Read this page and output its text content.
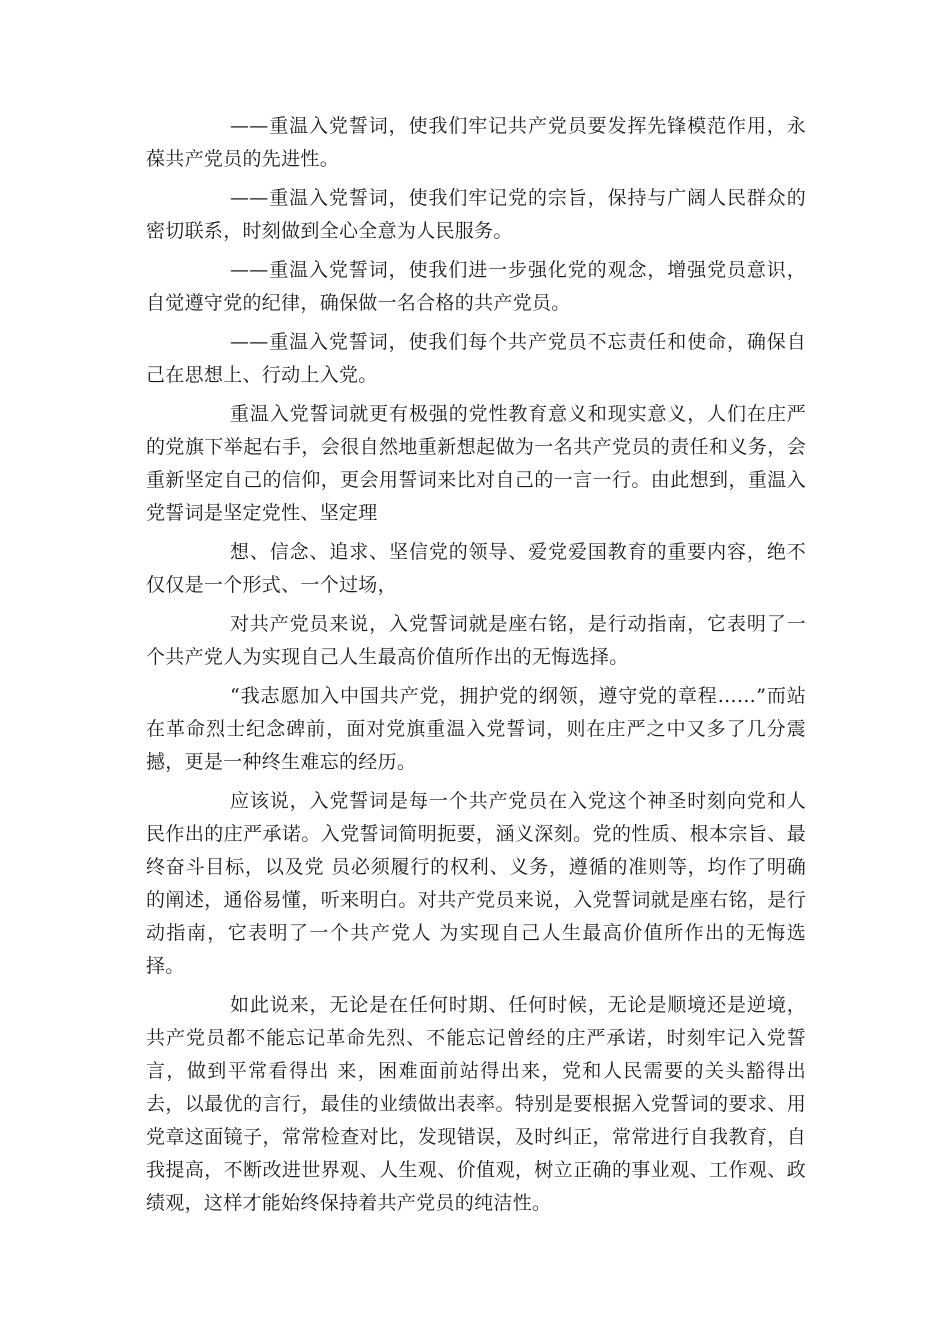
——重温入党誓词，使我们牢记共产党员要发挥先锋模范作用，永葆共产党员的先进性。

——重温入党誓词，使我们牢记党的宗旨，保持与广阔人民群众的密切联系，时刻做到全心全意为人民服务。

——重温入党誓词，使我们进一步强化党的观念，增强党员意识，自觉遵守党的纪律，确保做一名合格的共产党员。

——重温入党誓词，使我们每个共产党员不忘责任和使命，确保自己在思想上、行动上入党。

重温入党誓词就更有极强的党性教育意义和现实意义，人们在庄严的党旗下举起右手，会很自然地重新想起做为一名共产党员的责任和义务，会重新坚定自己的信仰，更会用誓词来比对自己的一言一行。由此想到，重温入党誓词是坚定党性、坚定理

想、信念、追求、坚信党的领导、爱党爱国教育的重要内容，绝不仅仅是一个形式、一个过场，

对共产党员来说，入党誓词就是座右铭，是行动指南，它表明了一个共产党人为实现自己人生最高价值所作出的无悔选择。

“我志愿加入中国共产党，拥护党的纲领，遵守党的章程……”而站在革命烈士纪念碑前，面对党旗重温入党誓词，则在庄严之中又多了几分震撼，更是一种终生难忘的经历。

应该说，入党誓词是每一个共产党员在入党这个神圣时刻向党和人民作出的庄严承诺。入党誓词简明扼要，涵义深刻。党的性质、根本宗旨、最终奋斗目标，以及党 员必须履行的权利、义务，遵循的准则等，均作了明确的阐述，通俗易懂，听来明白。对共产党员来说，入党誓词就是座右铭，是行动指南，它表明了一个共产党人 为实现自己人生最高价值所作出的无悔选择。

如此说来，无论是在任何时期、任何时候，无论是顺境还是逆境，共产党员都不能忘记革命先烈、不能忘记曾经的庄严承诺，时刻牢记入党誓言，做到平常看得出 来，困难面前站得出来，党和人民需要的关头豁得出去，以最优的言行，最佳的业绩做出表率。特别是要根据入党誓词的要求、用党章这面镜子，常常检查对比，发现错误，及时纠正，常常进行自我教育，自我提高，不断改进世界观、人生观、价值观，树立正确的事业观、工作观、政绩观，这样才能始终保持着共产党员的纯洁性。
